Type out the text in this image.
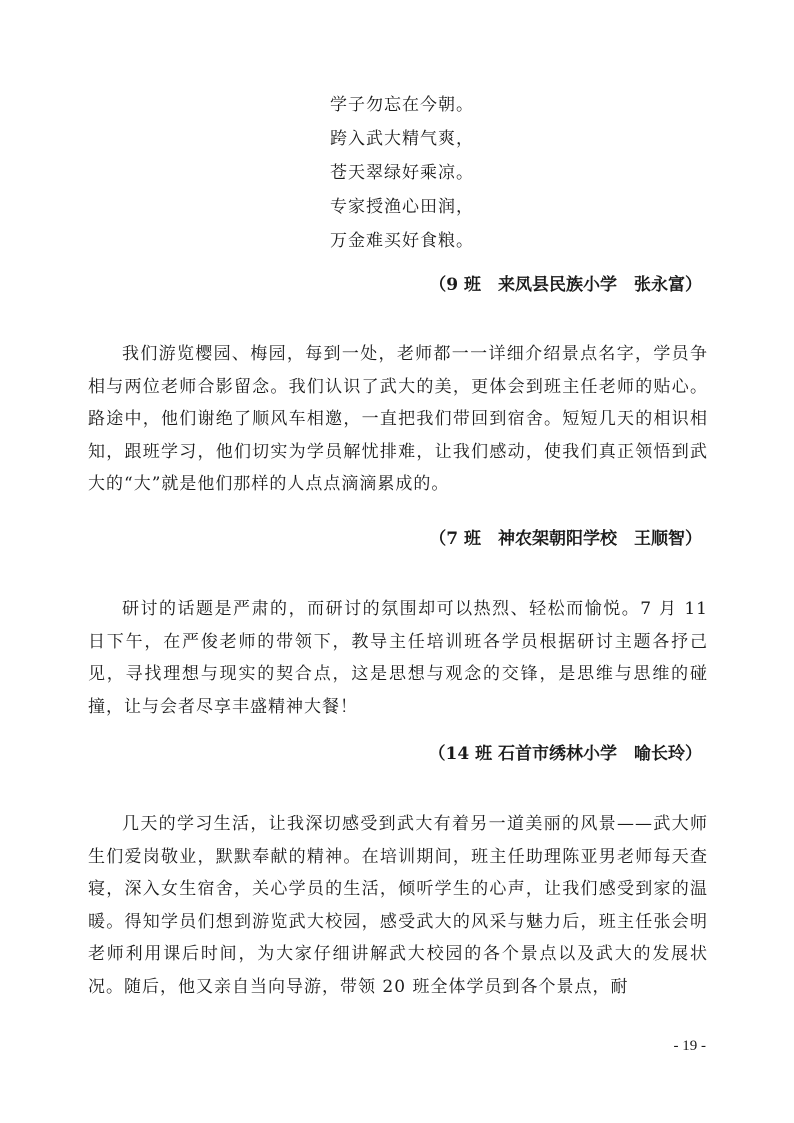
学子勿忘在今朝。
跨入武大精气爽，
苍天翠绿好乘凉。
专家授渔心田润，
万金难买好食粮。
（9 班　来凤县民族小学　张永富）

我们游览樱园、梅园，每到一处，老师都一一详细介绍景点名字，学员争相与两位老师合影留念。我们认识了武大的美，更体会到班主任老师的贴心。路途中，他们谢绝了顺风车相邀，一直把我们带回到宿舍。短短几天的相识相知，跟班学习，他们切实为学员解忧排难，让我们感动，使我们真正领悟到武大的“大”就是他们那样的人点点滴滴累成的。

（7 班　神农架朝阳学校　王顺智）

研讨的话题是严肃的，而研讨的氛围却可以热烈、轻松而愉悦。7 月 11 日下午，在严俊老师的带领下，教导主任培训班各学员根据研讨主题各抒己见，寻找理想与现实的契合点，这是思想与观念的交锋，是思维与思维的碰撞，让与会者尽享丰盛精神大餐！

（14 班 石首市绣林小学　喻长玲）

几天的学习生活，让我深切感受到武大有着另一道美丽的风景——武大师生们爱岗敬业，默默奉献的精神。在培训期间，班主任助理陈亚男老师每天查寝，深入女生宿舍，关心学员的生活，倾听学生的心声，让我们感受到家的温暖。得知学员们想到游览武大校园，感受武大的风采与魅力后，班主任张会明老师利用课后时间，为大家仔细讲解武大校园的各个景点以及武大的发展状况。随后，他又亲自当向导游，带领 20 班全体学员到各个景点，耐

- 19 -
